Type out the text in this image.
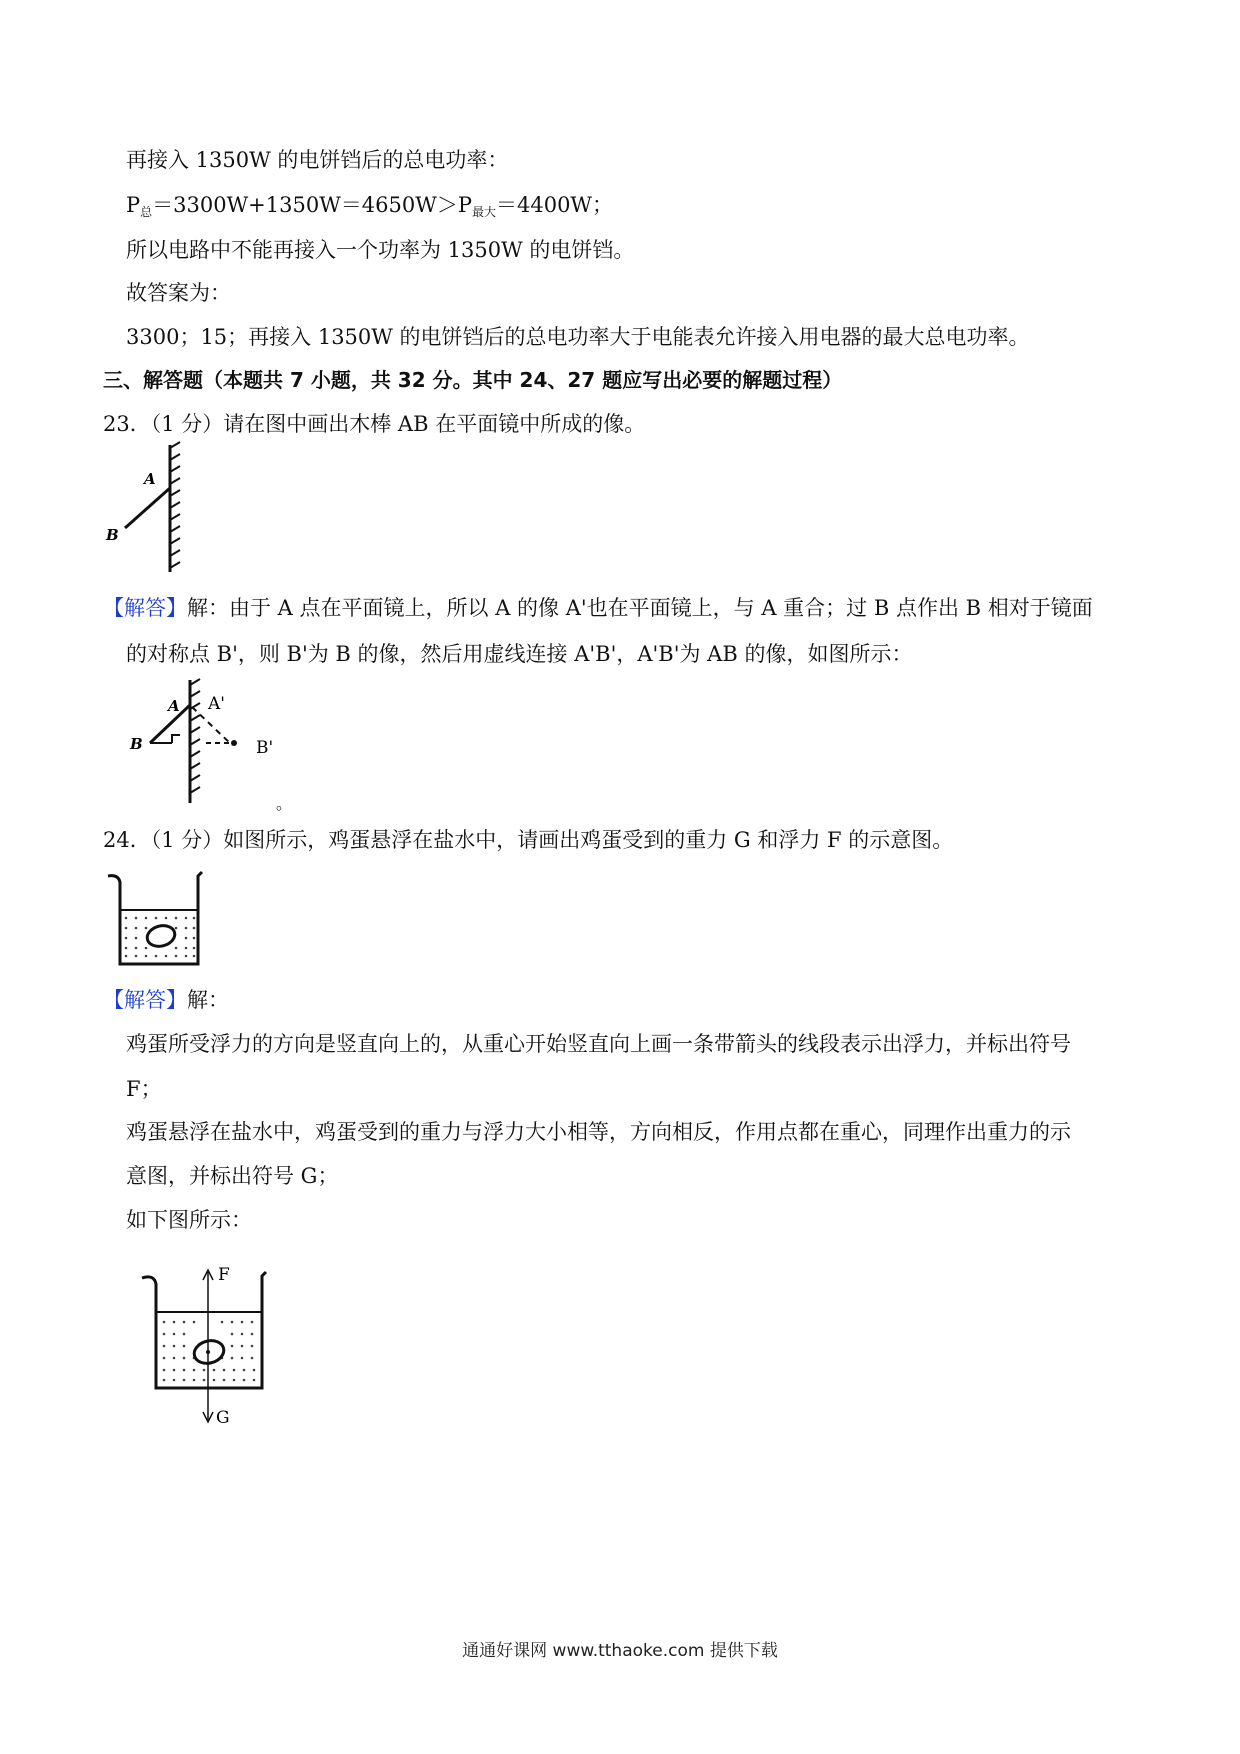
再接入 1350W 的电饼铛后的总电功率：
$P_总=3300W+1350W=4650W>P_{最大}=4400W$；
所以电路中不能再接入一个功率为 1350W 的电饼铛。
故答案为：
3300；15；再接入 1350W 的电饼铛后的总电功率大于电能表允许接入用电器的最大总电功率。
三、解答题（本题共 7 小题，共 32 分。其中 24、27 题应写出必要的解题过程）
23．（1 分）请在图中画出木棒 AB 在平面镜中所成的像。
A
B
【解答】解：由于 A 点在平面镜上，所以 A 的像 A'也在平面镜上，与 A 重合；过 B 点作出 B 相对于镜面
的对称点 B'，则 B'为 B 的像，然后用虚线连接 A'B'，A'B'为 AB 的像，如图所示：
A A'
B	B'
。
24．（1 分）如图所示，鸡蛋悬浮在盐水中，请画出鸡蛋受到的重力 G 和浮力 F 的示意图。
【解答】解：
鸡蛋所受浮力的方向是竖直向上的，从重心开始竖直向上画一条带箭头的线段表示出浮力，并标出符号
F；
鸡蛋悬浮在盐水中，鸡蛋受到的重力与浮力大小相等，方向相反，作用点都在重心，同理作出重力的示
意图，并标出符号 G；
如下图所示：
F
G
通通好课网 www.tthaoke.com 提供下载
